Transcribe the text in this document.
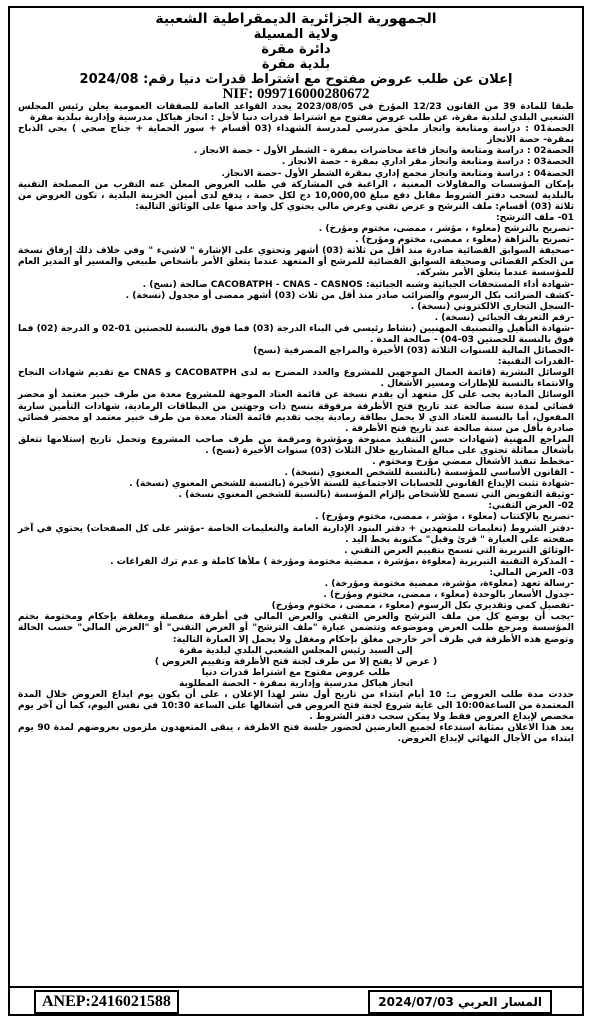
الجمهورية الجزائرية الديمقراطية الشعبية
ولاية المسيلة
دائرة مقرة
بلدية مقرة
إعلان عن طلب عروض مفتوح مع اشتراط قدرات دنيا رقم: 2024/08
NIF: 099716000280672

طبقا للمادة 39 من القانون 12/23 المؤرخ في 2023/08/05 يحدد القواعد العامة للصفقات العمومية يعلن رئيس المجلس الشعبي البلدي لبلدية مقرة، عن طلب عروض مفتوح مع اشتراط قدرات دنيا لأجل : انجاز هياكل مدرسية وإدارية ببلدية مقرة

الحصة01 : دراسة ومتابعة وانجاز ملحق مدرسي لمدرسة الشهداء (03 أقسام + سور الحماية + جناح صحي ) بحي الذباح بمقرة- حصة الانجاز

الحصة02 : دراسة ومتابعة وانجاز قاعة محاضرات بمقرة - الشطر الأول - حصة الانجاز .

الحصة03 : دراسة ومتابعة وانجاز مقر اداري بمقرة - حصة الانجاز .

الحصة04 : دراسة ومتابعة وانجاز مجمع إداري بمقرة الشطر الأول -حصة الانجاز.

بإمكان المؤسسات والمقاولات المعنية ، الراغبة في المشاركة في طلب العروض المعلن عنه التقرب من المصلحة التقنية بالبلدية لسحب دفتر الشروط مقابل دفع مبلغ 10,000,00 دج لكل حصة ، يدفع لدى أمين الخزينة البلدية ، تكون العروض من ثلاثة (03) أقسام: ملف الترشح و عرض تقني وعرض مالي يحتوي كل واحد منها على الوثائق التالية:

01- ملف الترشح:

-تصريح بالترشح (معلوء ، مؤشر ، ممضى، مختوم ومؤرخ) .

-تصريح بالنزاهة (معلوء ، ممضى، مختوم ومؤرخ) .

-صحيفة السوابق القضائية صادرة منذ أقل من ثلاثة (03) أشهر وتحتوي على الإشارة " لاشيء " وفي خلاف ذلك إرفاق نسخة من الحكم القضائي وصحيفة السوابق القضائية للمرشح أو المتعهد عندما يتعلق الأمر بأشخاص طبيعي والمسير أو المدير العام للمؤسسة عندما يتعلق الأمر بشركة.

-شهادة أداء المستحقات الجبائية وشبه الجبائية: CACOBATPH - CNAS - CASNOS صالحة (نسخ) .

-كشف الضرائب بكل الرسوم والضرائب صادر منذ أقل من ثلاث (03) أشهر ممضى أو مجدول (نسخة) .

-السجل التجاري الالكتروني (نسخة) .

-رقم التعريف الجبائي (نسخة) .

-شهادة التأهيل والتصنيف المهنيين (نشاط رئيسي في البناء الدرجة (03) فما فوق بالنسبة للحصتين 01-02 و الدرجة (02) فما فوق بالنسبة للحصتين 03-04) - صالحة المدة .

-الحصائل المالية للسنوات الثلاثة (03) الأخيرة والمراجع المصرفية (نسخ)

-القدرات التقنية:

الوسائل البشرية (قائمة العمال الموجهين للمشروع والعدد المصرح به لدى CACOBATPH و CNAS مع تقديم شهادات النجاح والانتماء بالنسبة للإطارات ومسير الأشغال .

الوسائل المادية يجب على كل متعهد أن يقدم نسخة عن قائمة العتاد الموجهة للمشروع معدة من طرف خبير معتمد أو محضر قضائي لمدة سنة صالحة عند تاريخ فتح الأظرفة مرفوقة بنسخ ذات وجهتين من البطاقات الرمادية، شهادات التأمين سارية المفعول، أما بالنسبة للعتاد الذي لا يحمل بطاقة رمادية يجب تقديم قائمة العتاد معدة من طرف خبير معتمد او محضر قضائي صادرة بأقل من سنة صالحة عند تاريخ فتح الأظرفة .

المراجع المهنية (شهادات حسن التنفيذ ممنوحة ومؤشرة ومرقمة من طرف صاحب المشروع وتحمل تاريخ إستلامها تتعلق بأشغال مماثلة تحتوي على مبالغ المشاريع خلال الثلاث (03) سنوات الأخيرة (نسخ) .

-مخطط تنفيذ الأشغال ممضي مؤرخ ومختوم .

- القانون الأساسي للمؤسسة (بالنسبة للشخص المعنوي (نسخة) .

-شهادة تثبت الإيداع القانوني للحسابات الاجتماعية للسنة الأخيرة (بالنسبة للشخص المعنوي (نسخة) .

-وثيقة التفويض التي تسمح للأشخاص بإلزام المؤسسة (بالنسبة للشخص المعنوي نسخة) .

02- العرض التقني:

-تصريح بالإكتتاب (معلوء ، مؤشر ، ممضى، مختوم ومؤرخ) .

-دفتر الشروط (تعليمات للمتعهدين + دفتر البنود الإدارية العامة والتعليمات الخاصة -مؤشر على كل الصفحات) يحتوي في آخر صفحته على العبارة " قرئ وقبل" مكتوبة بخط اليد .

-الوثائق التبريرية التي تسمح بتقييم العرض التقني .

- المذكرة التقنية التبريرية (معلوءة ،مؤشرة ، ممضية مختومة ومؤرخة ) ملأها كاملة و عدم ترك الفراغات .

03- العرض المالي:

-رسالة تعهد (معلوءة، مؤشرة، ممضية مختومة ومؤرخة) .

-جدول الأسعار بالوحدة (معلوء ، ممضى، مختوم ومؤرخ) .

-تفصيل كمي وتقديري بكل الرسوم (معلوء ، ممضى ، مختوم ومؤرخ)

-يجب أن يوضع كل من ملف الترشح والعرض التقني والعرض المالي في أظرفة منفصلة ومغلقة بإحكام ومختومة بختم المؤسسة ومرجع طلب العرض وموضوعه وتتضمن عبارة "ملف الترشح" أو العرض التقني" أو "العرض المالي" حسب الحالة وتوضع هذه الأظرفة في ظرف آخر خارجي مغلق بإحكام ومغفل ولا يحمل إلا العبارة التالية:

إلى السيد رئيس المجلس الشعبي البلدي لبلدية مقرة

( عرض لا يفتح إلا من طرف لجنة فتح الأظرفة وتقييم العروض )

طلب عروض مفتوح مع اشتراط قدرات دنيا

انجاز هياكل مدرسية وإدارية بمقرة - الحصة المطلوبة

حددت مدة طلب العروض بـ: 10 أيام ابتداء من تاريخ أول نشر لهذا الإعلان ، على أن يكون يوم ايداع العروض خلال المدة المعتمدة من الساعة10:00 الى غاية شروع لجنة فتح العروض في أشغالها على الساعة 10:30 في نفس اليوم، كما أن آخر يوم مخصص لإيداع العروض فقط ولا يمكن سحب دفتر الشروط .

يعد هذا الاعلان بمثابة استدعاء لجميع العارضين لحضور جلسة فتح الاظرفة ، يبقى المتعهدون ملزمون بعروضهم لمدة 90 يوم ابتداء من الأجال النهائي لإيداع العروض.

ANEP:2416021588	المسار العربي 2024/07/03
